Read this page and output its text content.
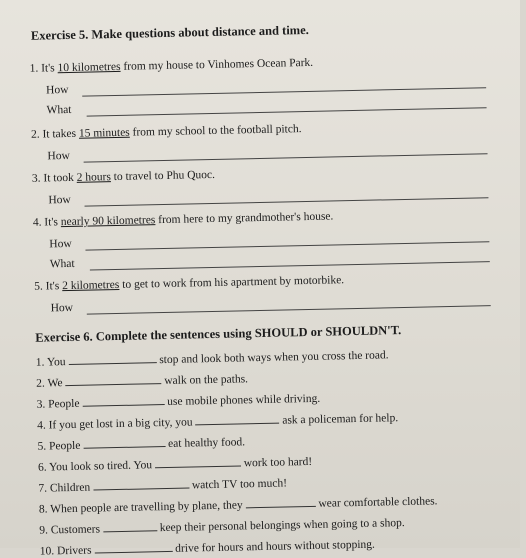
Exercise 5. Make questions about distance and time.
1. It's 10 kilometres from my house to Vinhomes Ocean Park.
How
What
2. It takes 15 minutes from my school to the football pitch.
How
3. It took 2 hours to travel to Phu Quoc.
How
4. It's nearly 90 kilometres from here to my grandmother's house.
How
What
5. It's 2 kilometres to get to work from his apartment by motorbike.
How
Exercise 6. Complete the sentences using SHOULD or SHOULDN'T.
1. You	stop and look both ways when you cross the road.
2. We	walk on the paths.
3. People	use mobile phones while driving.
4. If you get lost in a big city, you	ask a policeman for help.
5. People	eat healthy food.
6. You look so tired. You	work too hard!
7. Children	watch TV too much!
8. When people are travelling by plane, they	wear comfortable clothes.
9. Customers	keep their personal belongings when going to a shop.
10. Drivers	drive for hours and hours without stopping.
